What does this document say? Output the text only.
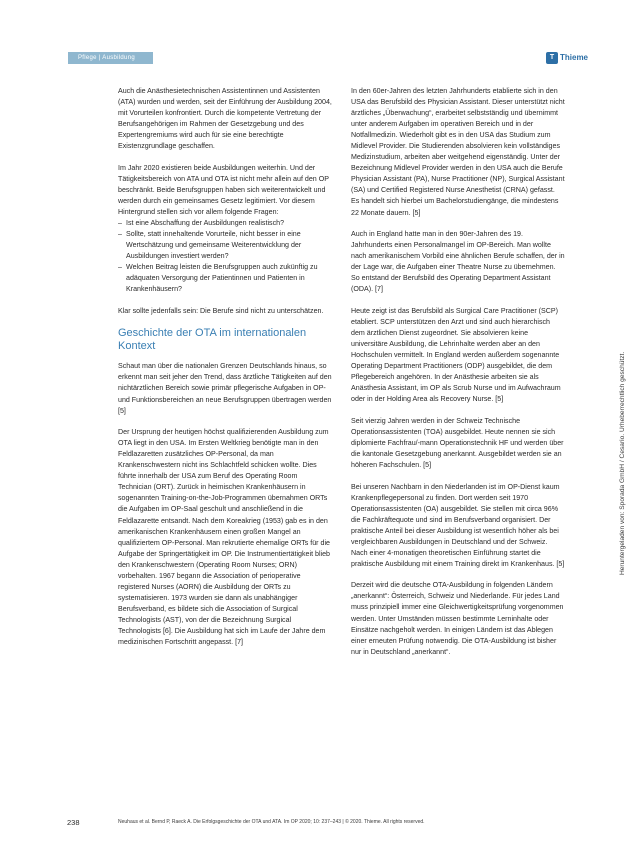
Pflege | Ausbildung	T Thieme

Auch die Anästhesietechnischen Assistentinnen und Assistenten (ATA) wurden und werden, seit der Einführung der Ausbildung 2004, mit Vorurteilen konfrontiert. Durch die kompetente Vertretung der Berufsangehörigen im Rahmen der Gesetzgebung und des Expertengremiums wird auch für sie eine berechtigte Existenzgrundlage geschaffen.

Im Jahr 2020 existieren beide Ausbildungen weiterhin. Und der Tätigkeitsbereich von ATA und OTA ist nicht mehr allein auf den OP beschränkt. Beide Berufsgruppen haben sich weiterentwickelt und werden durch ein gemeinsames Gesetz legitimiert. Vor diesem Hintergrund stellen sich vor allem folgende Fragen:

– Ist eine Abschaffung der Ausbildungen realistisch?
– Sollte, statt innehaltende Vorurteile, nicht besser in eine Wertschätzung und gemeinsame Weiterentwicklung der Ausbildungen investiert werden?
– Welchen Beitrag leisten die Berufsgruppen auch zukünftig zu adäquaten Versorgung der Patientinnen und Patienten in Krankenhäusern?

Klar sollte jedenfalls sein: Die Berufe sind nicht zu unterschätzen.

Geschichte der OTA im internationalen Kontext

Schaut man über die nationalen Grenzen Deutschlands hinaus, so erkennt man seit jeher den Trend, dass ärztliche Tätigkeiten auf den nichtärztlichen Bereich sowie primär pflegerische Aufgaben in OP- und Funktionsbereichen an neue Berufsgruppen übertragen werden [5]

Der Ursprung der heutigen höchst qualifizierenden Ausbildung zum OTA liegt in den USA. Im Ersten Weltkrieg benötigte man in den Feldlazaretten zusätzliches OP-Personal, da man Krankenschwestern nicht ins Schlachtfeld schicken wollte. Dies führte innerhalb der USA zum Beruf des Operating Room Technician (ORT). Zurück in heimischen Krankenhäusern in sogenannten Training-on-the-Job-Programmen übernahmen ORTs die Aufgaben im OP-Saal geschult und anschließend in die Feldlazarette entsandt. Nach dem Koreakrieg (1953) gab es in den amerikanischen Krankenhäusern einen großen Mangel an qualifiziertem OP-Personal. Man rekrutierte ehemalige ORTs für die Aufgabe der Springertätigkeit im OP. Die Instrumentiertätigkeit blieb den Krankenschwestern (Operating Room Nurses; ORN) vorbehalten. 1967 begann die Association of perioperative registered Nurses (AORN) die Ausbildung der ORTs zu systematisieren. 1973 wurden sie dann als unabhängiger Berufsverband, es bildete sich die Association of Surgical Technologists (AST), von der die Bezeichnung Surgical Technologists [6]. Die Ausbildung hat sich im Laufe der Jahre dem medizinischen Fortschritt angepasst. [7]

In den 60er-Jahren des letzten Jahrhunderts etablierte sich in den USA das Berufsbild des Physician Assistant. Dieser unterstützt nicht ärztliches „Überwachung“, erarbeitet selbstständig und übernimmt unter anderem Aufgaben im operativen Bereich und in der Notfallmedizin. Wiederholt gibt es in den USA das Studium zum Midlevel Provider. Die Studierenden absolvieren kein vollständiges Medizinstudium, arbeiten aber weitgehend eigenständig. Unter der Bezeichnung Midlevel Provider werden in den USA auch die Berufe Physician Assistant (PA), Nurse Practitioner (NP), Surgical Assistant (SA) und Certified Registered Nurse Anesthetist (CRNA) gefasst. Es handelt sich hierbei um Bachelorstudiengänge, die mindestens 22 Monate dauern. [5]

Auch in England hatte man in den 90er-Jahren des 19. Jahrhunderts einen Personalmangel im OP-Bereich. Man wollte nach amerikanischem Vorbild eine ähnlichen Berufe schaffen, der in der Lage war, die Aufgaben einer Theatre Nurse zu übernehmen. So entstand der Berufsbild des Operating Department Assistant (ODA). [7]

Heute zeigt ist das Berufsbild als Surgical Care Practitioner (SCP) etabliert. SCP unterstützen den Arzt und sind auch hierarchisch dem ärztlichen Dienst zugeordnet. Sie absolvieren keine universitäre Ausbildung, die Lehrinhalte werden aber an den Hochschulen vermittelt. In England werden außerdem sogenannte Operating Department Practitioners (ODP) ausgebildet, die dem Pflegebereich angehören. In der Anästhesie arbeiten sie als Anästhesia Assistant, im OP als Scrub Nurse und im Aufwachraum oder in der Holding Area als Recovery Nurse. [5]

Seit vierzig Jahren werden in der Schweiz Technische Operationsassistenten (TOA) ausgebildet. Heute nennen sie sich diplomierte Fachfrau/-mann Operationstechnik HF und werden über die kantonale Gesetzgebung anerkannt. Ausgebildet werden sie an höheren Fachschulen. [5]

Bei unseren Nachbarn in den Niederlanden ist im OP-Dienst kaum Krankenpflegepersonal zu finden. Dort werden seit 1970 Operationsassistenten (OA) ausgebildet. Sie stellen mit circa 96% die Fachkräftequote und sind im Berufsverband organisiert. Der praktische Anteil bei dieser Ausbildung ist wesentlich höher als bei vergleichbaren Ausbildungen in Deutschland und der Schweiz. Nach einer 4-monatigen theoretischen Einführung startet die praktische Ausbildung mit einem Training direkt im Krankenhaus. [5]

Derzeit wird die deutsche OTA-Ausbildung in folgenden Ländern „anerkannt“: Österreich, Schweiz und Niederlande. Für jedes Land muss prinzipiell immer eine Gleichwertigkeitsprüfung vorgenommen werden. Unter Umständen müssen bestimmte Lerninhalte oder Einsätze nachgeholt werden. In einigen Ländern ist das Ablegen einer erneuten Prüfung notwendig. Die OTA-Ausbildung ist bisher nur in Deutschland „anerkannt“.

Heruntergeladen von: Sporada GmbH / Cesario. Urheberrechtlich geschützt.
238	Neuhaus et al. Bernd P, Raeck A. Die Erfolgsgeschichte der OTA und ATA. Im OP 2020; 10: 237–243 | © 2020. Thieme. All rights reserved.
